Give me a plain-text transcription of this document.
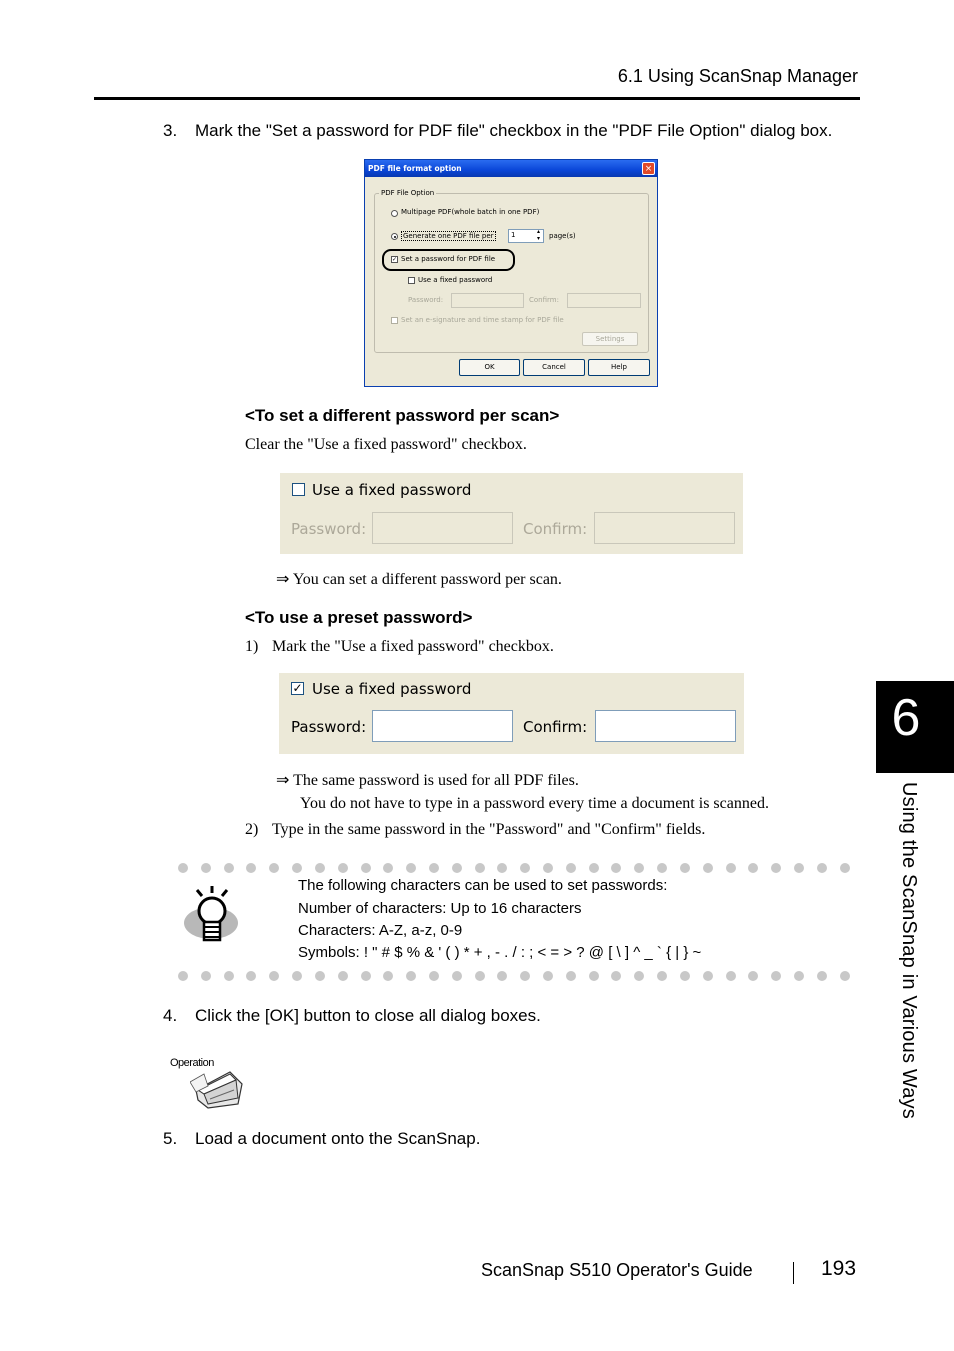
6.1 Using ScanSnap Manager
3. Mark the "Set a password for PDF file" checkbox in the "PDF File Option" dialog box.
PDF file format option	×
PDF File Option
Multipage PDF(whole batch in one PDF)
Generate one PDF file per	1	▴
▾ page(s)
✓ Set a password for PDF file
Use a fixed password
Password:	Confirm:
Set an e-signature and time stamp for PDF file
Settings
OK	Cancel	Help
<To set a different password per scan>
Clear the "Use a fixed password" checkbox.
Use a fixed password
Password:	Confirm:
⇒ You can set a different password per scan.
<To use a preset password>
1) Mark the "Use a fixed password" checkbox.
✓ Use a fixed password
Password:	Confirm:
⇒ The same password is used for all PDF files.
You do not have to type in a password every time a document is scanned.
2) Type in the same password in the "Password" and "Confirm" fields.
The following characters can be used to set passwords:
Number of characters: Up to 16 characters
Characters: A-Z, a-z, 0-9
Symbols: ! " # $ % & ' ( ) * + , - . / : ; < = > ? @ [ \ ] ^ _ ` { | } ~
4. Click the [OK] button to close all dialog boxes.
Operation
5. Load a document onto the ScanSnap.
6
Using the ScanSnap in Various Ways
ScanSnap S510 Operator's Guide	193
